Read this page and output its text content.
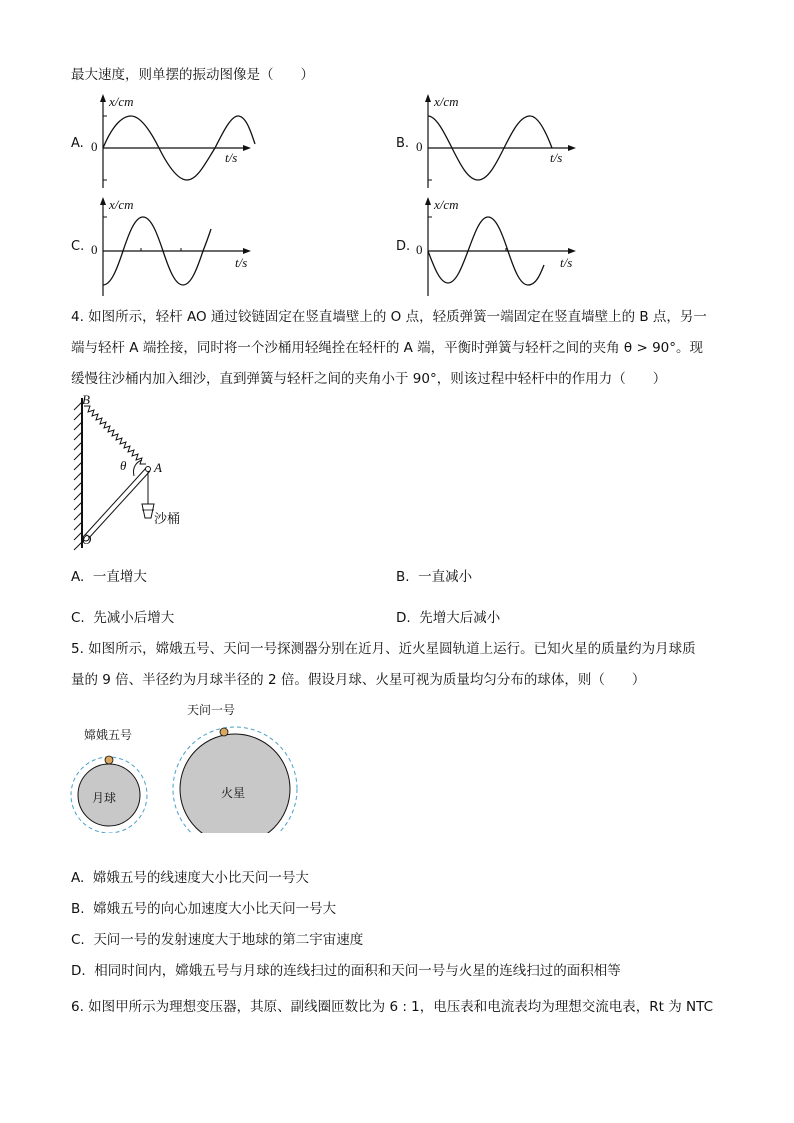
最大速度，则单摆的振动图像是（　　）
A. 0
x/cm
t/s
B. 0
x/cm
t/s
C. 0
x/cm
t/s
D. 0
x/cm
t/s
4. 如图所示，轻杆 AO 通过铰链固定在竖直墙壁上的 O 点，轻质弹簧一端固定在竖直墙壁上的 B 点，另一
端与轻杆 A 端拴接，同时将一个沙桶用轻绳拴在轻杆的 A 端，平衡时弹簧与轻杆之间的夹角 θ > 90°。现
缓慢往沙桶内加入细沙，直到弹簧与轻杆之间的夹角小于 90°，则该过程中轻杆中的作用力（　　）
B
A
θ
O
沙桶
A. 一直增大	B. 一直减小
C. 先减小后增大	D. 先增大后减小
5. 如图所示，嫦娥五号、天问一号探测器分别在近月、近火星圆轨道上运行。已知火星的质量约为月球质
量的 9 倍、半径约为月球半径的 2 倍。假设月球、火星可视为质量均匀分布的球体，则（　　）
嫦娥五号
月球
天问一号
火星
A. 嫦娥五号的线速度大小比天问一号大
B. 嫦娥五号的向心加速度大小比天问一号大
C. 天问一号的发射速度大于地球的第二宇宙速度
D. 相同时间内，嫦娥五号与月球的连线扫过的面积和天问一号与火星的连线扫过的面积相等
6. 如图甲所示为理想变压器，其原、副线圈匝数比为 6 : 1，电压表和电流表均为理想交流电表，Rt 为 NTC
